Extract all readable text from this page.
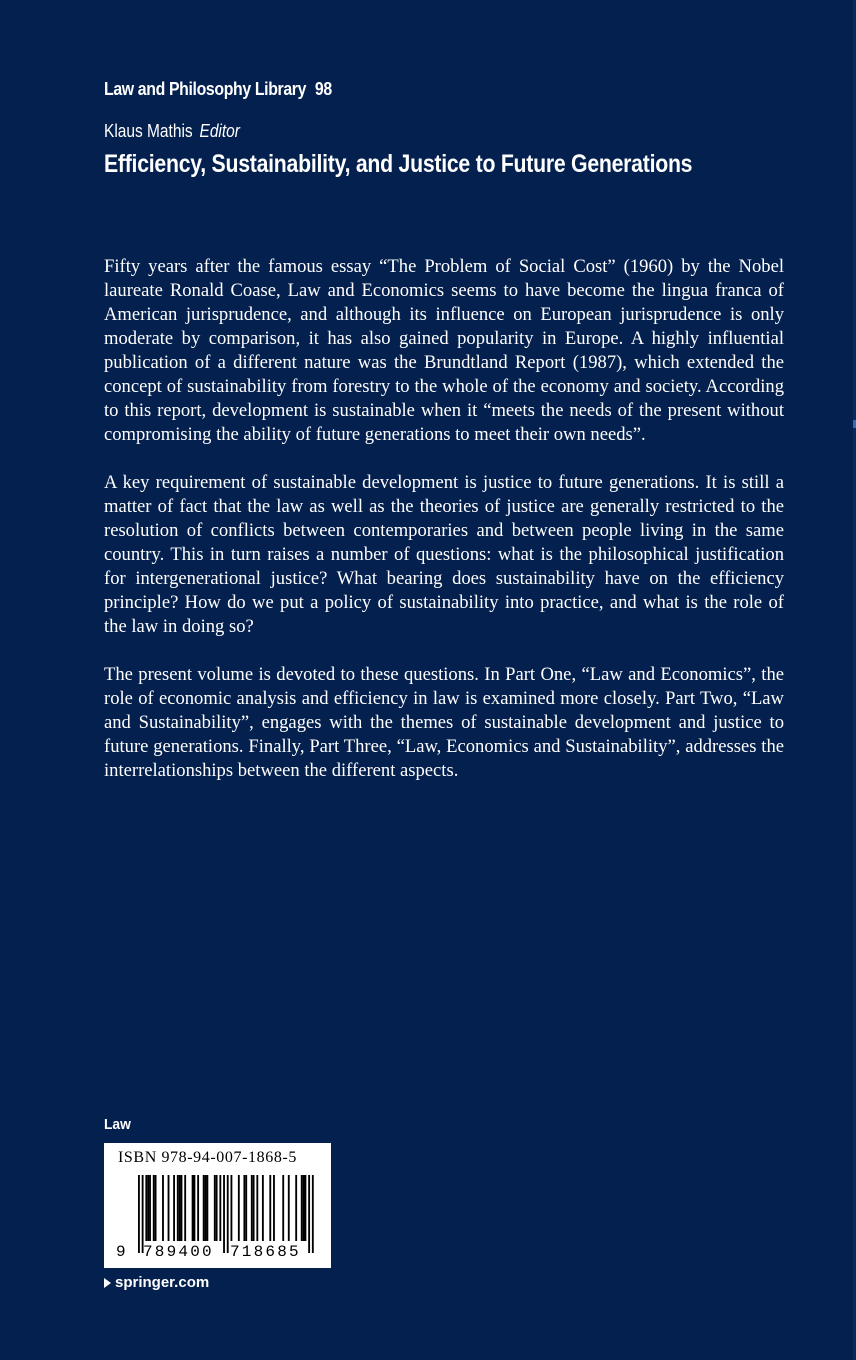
Law and Philosophy Library 98
Klaus Mathis Editor
Efficiency, Sustainability, and Justice to Future Generations

Fifty years after the famous essay “The Problem of Social Cost” (1960) by the Nobel laureate Ronald Coase, Law and Economics seems to have become the lingua franca of American jurisprudence, and although its influence on European jurisprudence is only moderate by comparison, it has also gained popularity in Europe. A highly influential publication of a different nature was the Brundtland Report (1987), which extended the concept of sustainability from forestry to the whole of the economy and society. According to this report, development is sustainable when it “meets the needs of the present without compromising the ability of future generations to meet their own needs”.

A key requirement of sustainable development is justice to future generations. It is still a matter of fact that the law as well as the theories of justice are generally restricted to the resolution of conflicts between contemporaries and between people living in the same country. This in turn raises a number of questions: what is the philosophical justification for intergenerational justice? What bearing does sustainability have on the efficiency principle? How do we put a policy of sustainability into practice, and what is the role of the law in doing so?

The present volume is devoted to these questions. In Part One, “Law and Economics”, the role of economic analysis and efficiency in law is examined more closely. Part Two, “Law and Sustainability”, engages with the themes of sustainable development and justice to future generations. Finally, Part Three, “Law, Economics and Sustainability”, addresses the interrelationships between the different aspects.

Law
ISBN 978-94-007-1868-5
9 789400 718685
springer.com
